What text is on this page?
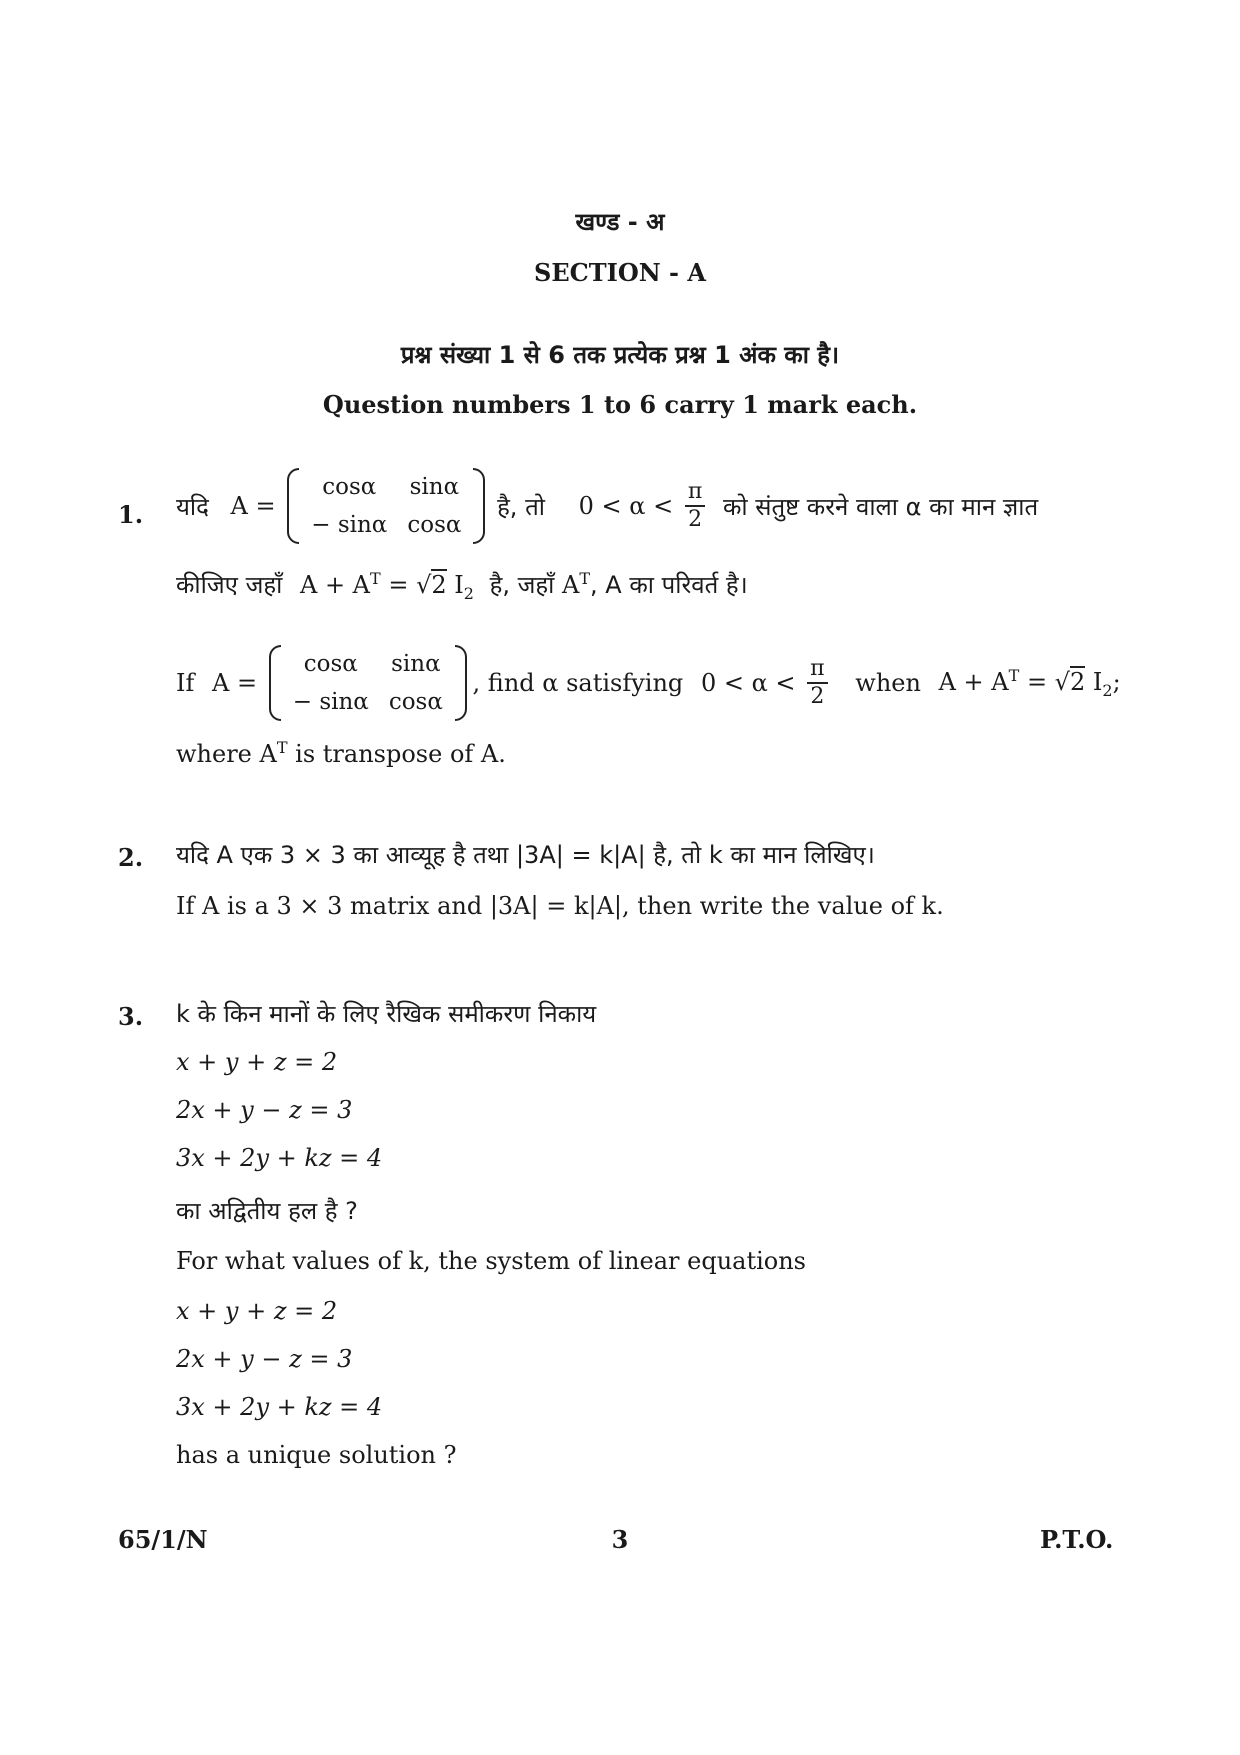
खण्ड - अ
SECTION - A
प्रश्न संख्या 1 से 6 तक प्रत्येक प्रश्न 1 अंक का है।
Question numbers 1 to 6 carry 1 mark each.
1. यदि A =
cosα	sinα
− sinα	cosα
है, तो $0 < \alpha < \frac{\pi}{2}$ को संतुष्ट करने वाला α का मान ज्ञात
कीजिए जहाँ $A + A^T = √2$ $I_2$ है, जहाँ $A^T$, A का परिवर्त है।
If A =
cosα	sinα
− sinα	cosα
, find α satisfying $0 < \alpha < \frac{\pi}{2}$ when $A + A^T = √2$ $I_2$;
where $A^T$ is transpose of A.
2. यदि A एक 3 × 3 का आव्यूह है तथा |3A| = k|A| है, तो k का मान लिखिए।
If A is a 3 × 3 matrix and |3A| = k|A|, then write the value of k.
3. k के किन मानों के लिए रैखिक समीकरण निकाय
x + y + z = 2
2x + y − z = 3
3x + 2y + kz = 4
का अद्वितीय हल है ?
For what values of k, the system of linear equations
x + y + z = 2
2x + y − z = 3
3x + 2y + kz = 4
has a unique solution ?
65/1/N	3	P.T.O.
